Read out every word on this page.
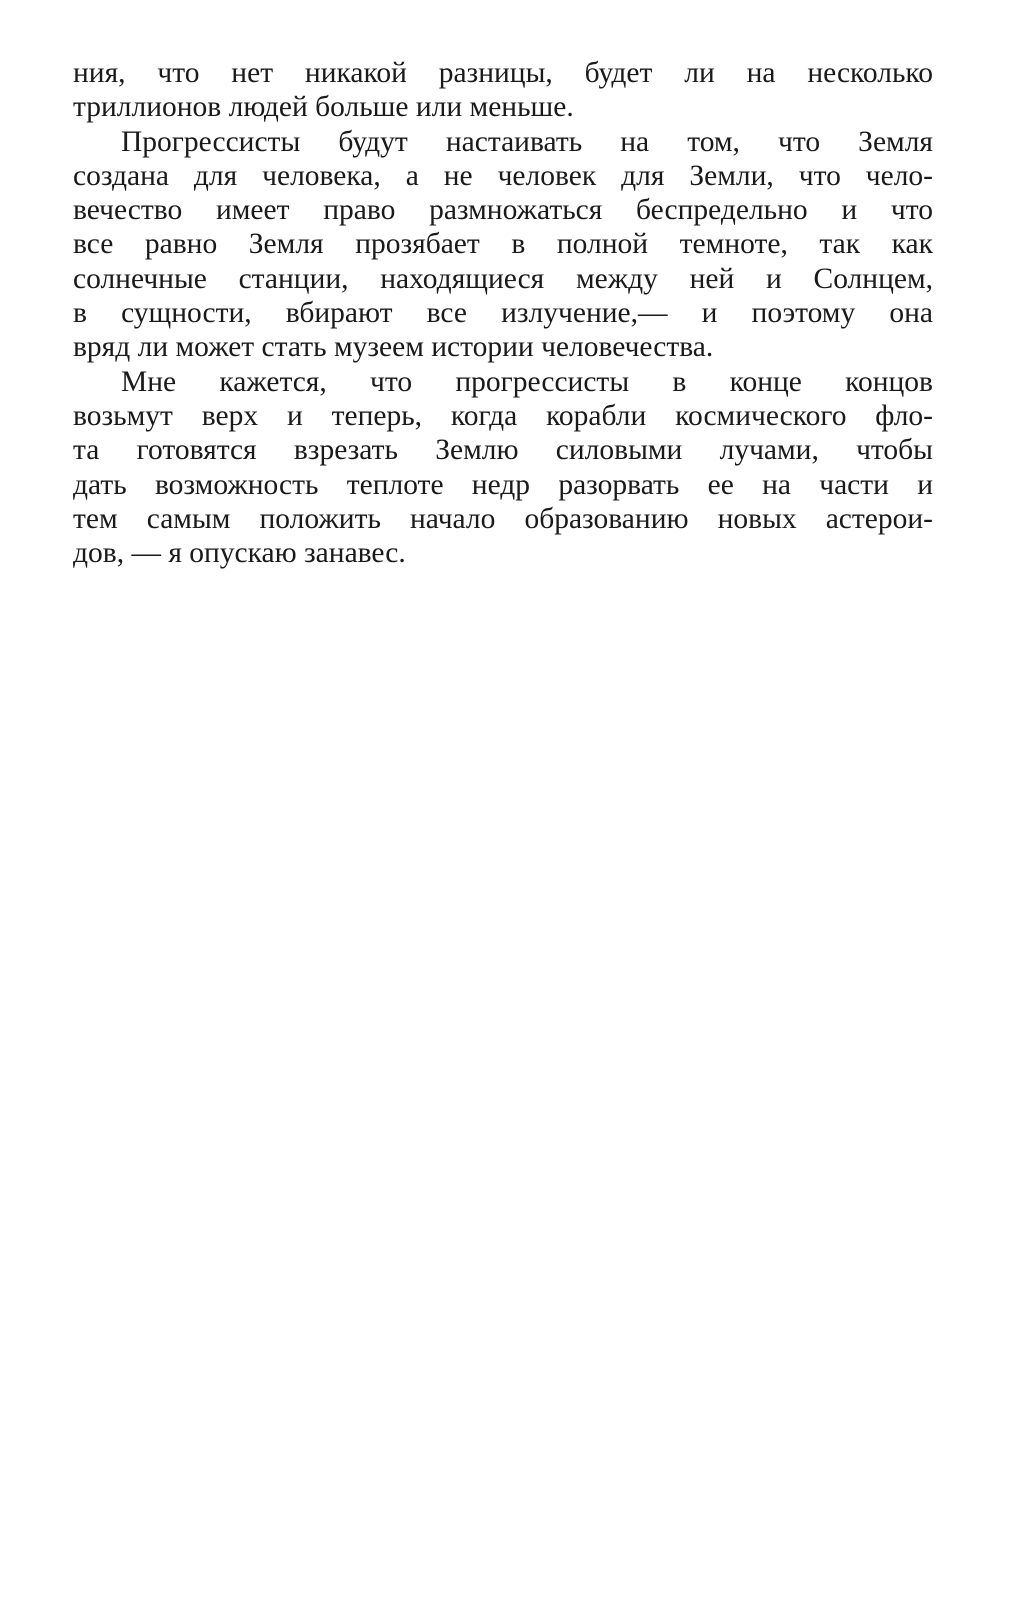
ния, что нет никакой разницы, будет ли на несколько
триллионов людей больше или меньше.
Прогрессисты будут настаивать на том, что Земля
создана для человека, а не человек для Земли, что чело-
вечество имеет право размножаться беспредельно и что
все равно Земля прозябает в полной темноте, так как
солнечные станции, находящиеся между ней и Солнцем,
в сущности, вбирают все излучение,— и поэтому она
вряд ли может стать музеем истории человечества.
Мне кажется, что прогрессисты в конце концов
возьмут верх и теперь, когда корабли космического фло-
та готовятся взрезать Землю силовыми лучами, чтобы
дать возможность теплоте недр разорвать ее на части и
тем самым положить начало образованию новых астерои-
дов, — я опускаю занавес.
